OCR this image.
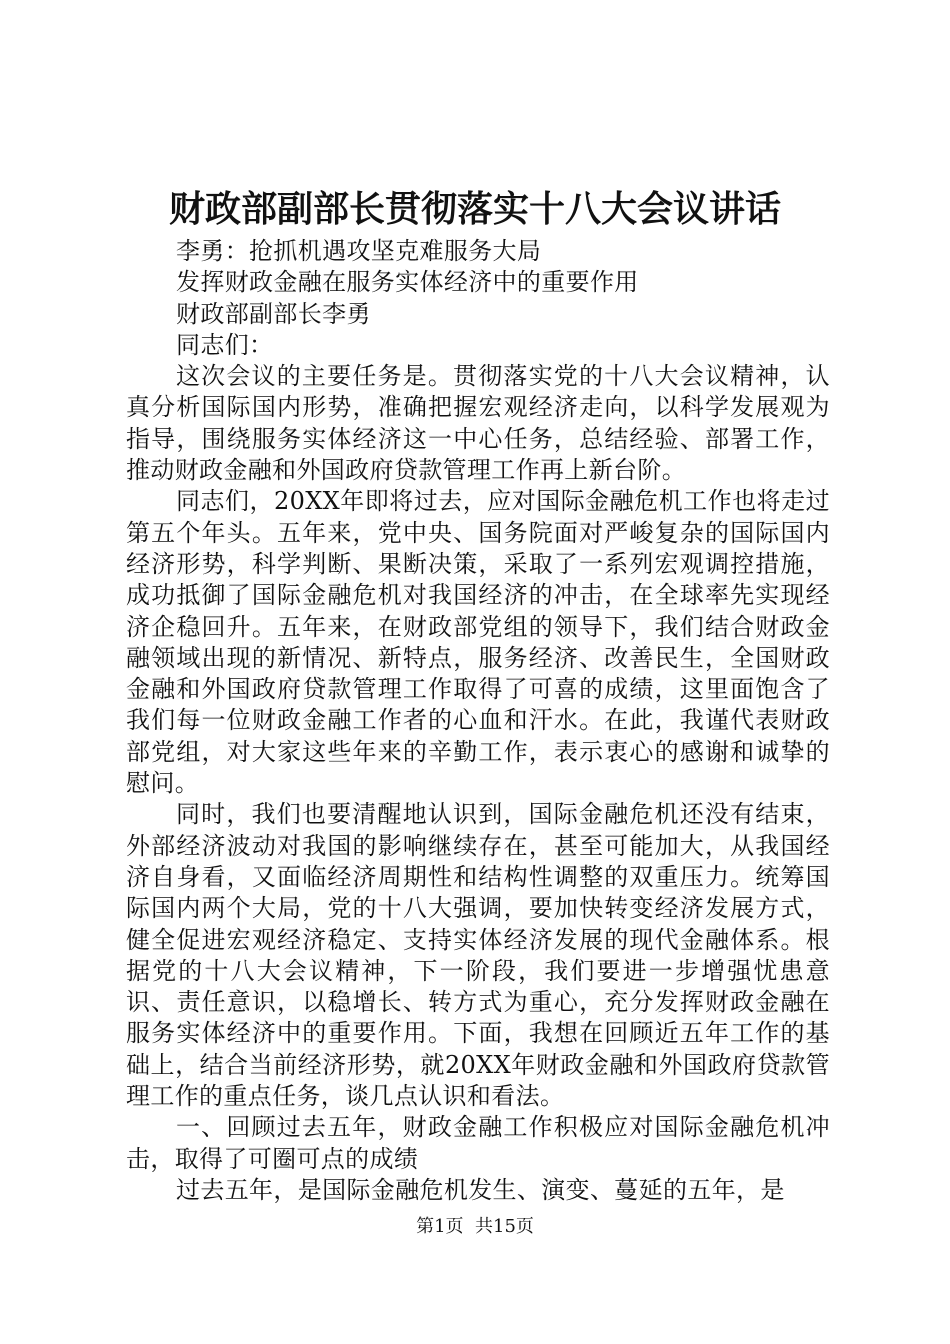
财政部副部长贯彻落实十八大会议讲话

李勇：抢抓机遇攻坚克难服务大局

发挥财政金融在服务实体经济中的重要作用

财政部副部长李勇

同志们：

这次会议的主要任务是。贯彻落实党的十八大会议精神，认真分析国际国内形势，准确把握宏观经济走向，以科学发展观为指导，围绕服务实体经济这一中心任务，总结经验、部署工作，推动财政金融和外国政府贷款管理工作再上新台阶。

同志们，20XX年即将过去，应对国际金融危机工作也将走过第五个年头。五年来，党中央、国务院面对严峻复杂的国际国内经济形势，科学判断、果断决策，采取了一系列宏观调控措施，成功抵御了国际金融危机对我国经济的冲击，在全球率先实现经济企稳回升。五年来，在财政部党组的领导下，我们结合财政金融领域出现的新情况、新特点，服务经济、改善民生，全国财政金融和外国政府贷款管理工作取得了可喜的成绩，这里面饱含了我们每一位财政金融工作者的心血和汗水。在此，我谨代表财政部党组，对大家这些年来的辛勤工作，表示衷心的感谢和诚挚的慰问。

同时，我们也要清醒地认识到，国际金融危机还没有结束，外部经济波动对我国的影响继续存在，甚至可能加大，从我国经济自身看，又面临经济周期性和结构性调整的双重压力。统筹国际国内两个大局，党的十八大强调，要加快转变经济发展方式，健全促进宏观经济稳定、支持实体经济发展的现代金融体系。根据党的十八大会议精神，下一阶段，我们要进一步增强忧患意识、责任意识，以稳增长、转方式为重心，充分发挥财政金融在服务实体经济中的重要作用。下面，我想在回顾近五年工作的基础上，结合当前经济形势，就20XX年财政金融和外国政府贷款管理工作的重点任务，谈几点认识和看法。

一、回顾过去五年，财政金融工作积极应对国际金融危机冲击，取得了可圈可点的成绩

过去五年，是国际金融危机发生、演变、蔓延的五年，是

第1页 共15页
